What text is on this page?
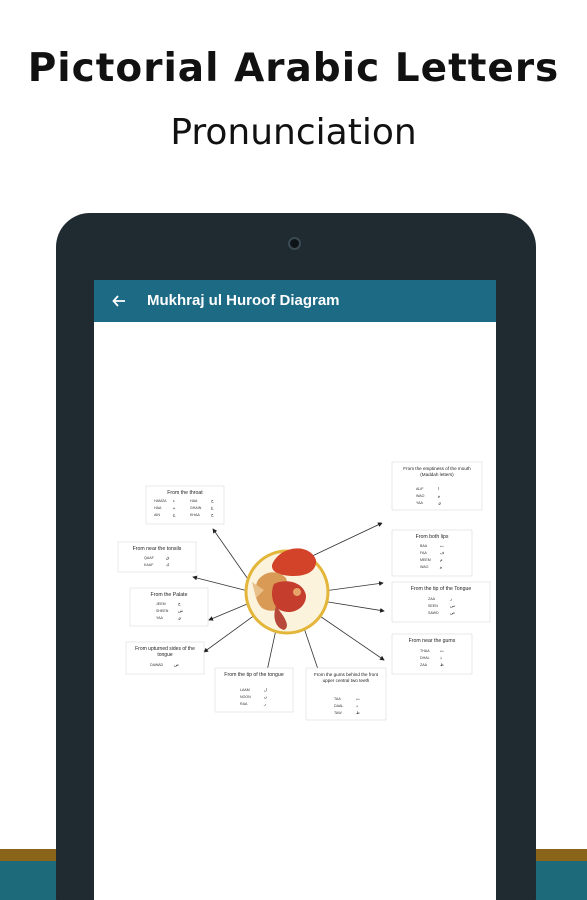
Pictorial Arabic Letters
Pronunciation
Mukhraj ul Huroof Diagram
From the throat
HAMZA ء	HAA	ح
HAA	ه	GHAIN غ
AIN	ع	KHAA	خ
From near the tonsils
QAAF	ق
KAAF	ك
From the Palate
JEEM	ج
SHEEN ش
YAA	ي
From upturned sides of the tongue
DAWAD	ض
From the tip of the tongue
LAAM	ل
NOON	ن
RAA	ر
From the gums behind the front upper central two teeth
TAA	ت
DAAL	د
TAW	ط
From the emptiness of the mouth (Maddah letters)
ALIF	ا
WAO	و
YAA	ي
From both lips
BAA	ب
FAA	ف
MEEM م
WAO	و
From the tip of the Tongue
ZAA	ز
SEEN	س
SAWD	ص
From near the gums
THAA ث
DHAL ذ
ZAA	ظ
